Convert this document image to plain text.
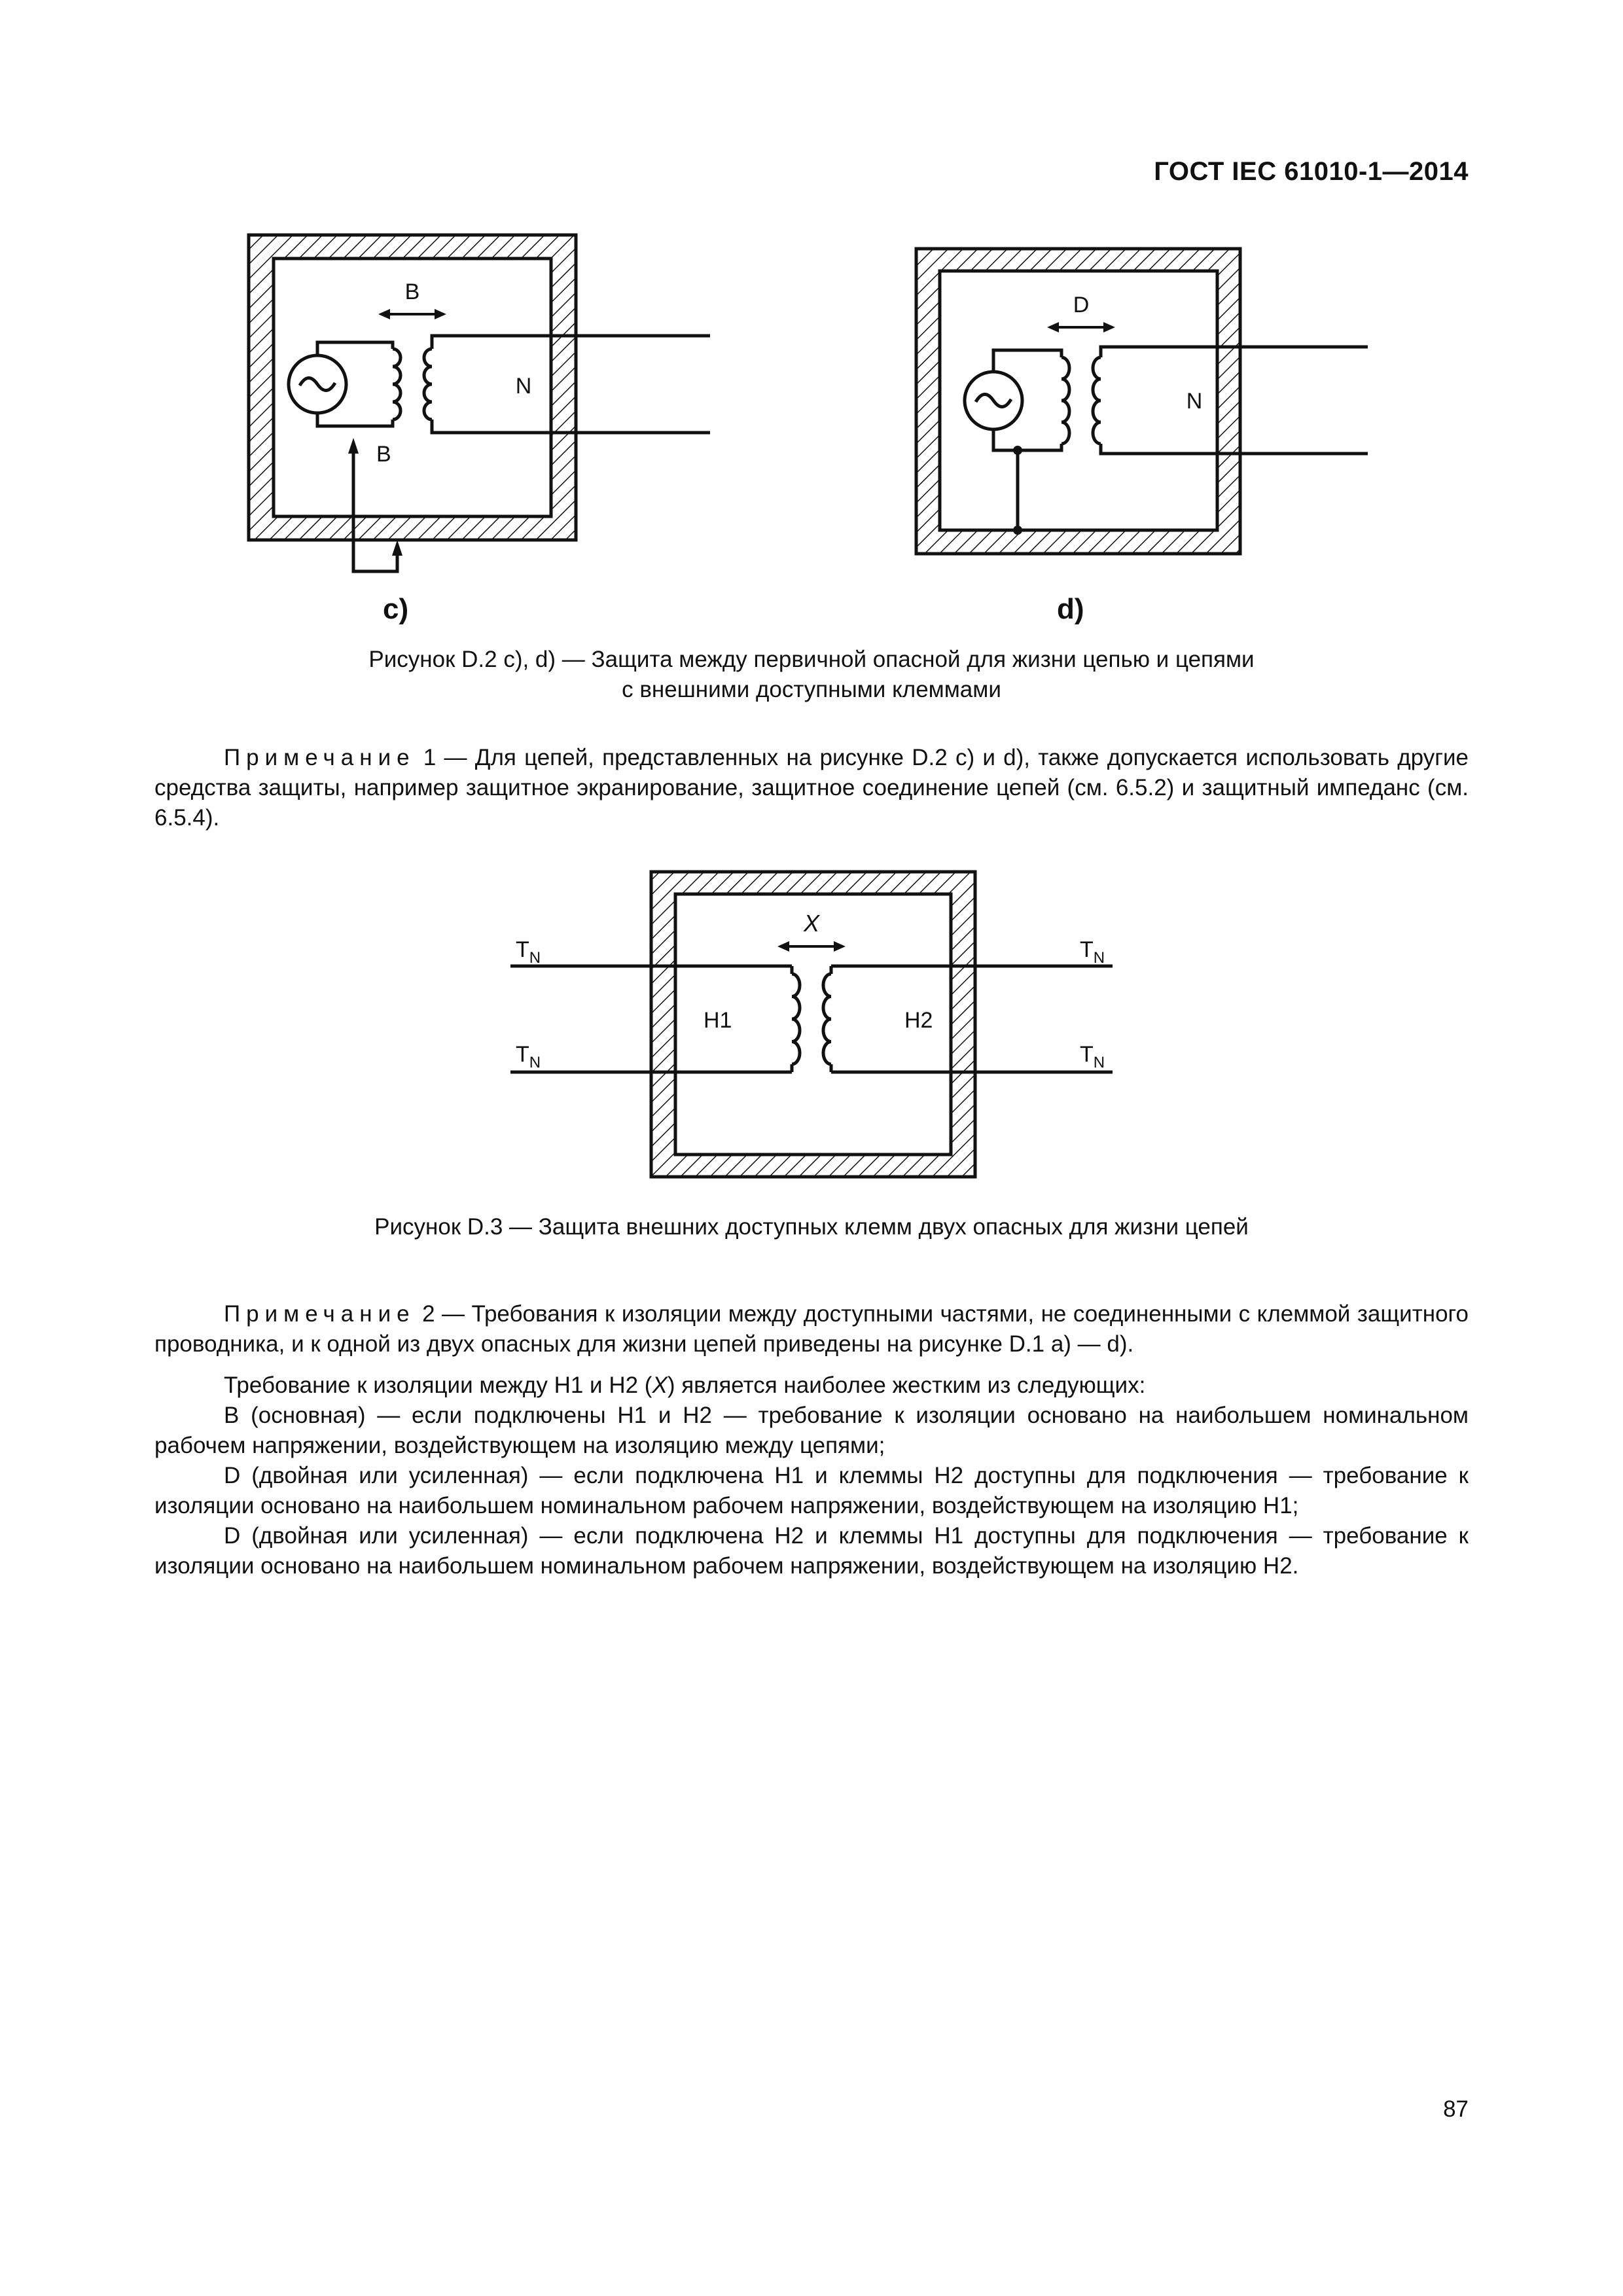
ГОСТ IEC 61010-1—2014
B
N
B
c)
D
N
d)
Рисунок D.2 c), d) — Защита между первичной опасной для жизни цепью и цепями
с внешними доступными клеммами
Примечание 1 — Для цепей, представленных на рисунке D.2 c) и d), также допускается использовать другие средства защиты, например защитное экранирование, защитное соединение цепей (см. 6.5.2) и защитный импеданс (см. 6.5.4).
X
H1	H2
$T_N$
$T_N$
$T_N$
$T_N$
Рисунок D.3 — Защита внешних доступных клемм двух опасных для жизни цепей
Примечание 2 — Требования к изоляции между доступными частями, не соединенными с клеммой защитного проводника, и к одной из двух опасных для жизни цепей приведены на рисунке D.1 a) — d).
Требование к изоляции между H1 и H2 (X) является наиболее жестким из следующих:
B (основная) — если подключены H1 и H2 — требование к изоляции основано на наибольшем номинальном рабочем напряжении, воздействующем на изоляцию между цепями;
D (двойная или усиленная) — если подключена H1 и клеммы H2 доступны для подключения — требование к изоляции основано на наибольшем номинальном рабочем напряжении, воздействующем на изоляцию H1;
D (двойная или усиленная) — если подключена H2 и клеммы H1 доступны для подключения — требование к изоляции основано на наибольшем номинальном рабочем напряжении, воздействующем на изоляцию H2.
87
